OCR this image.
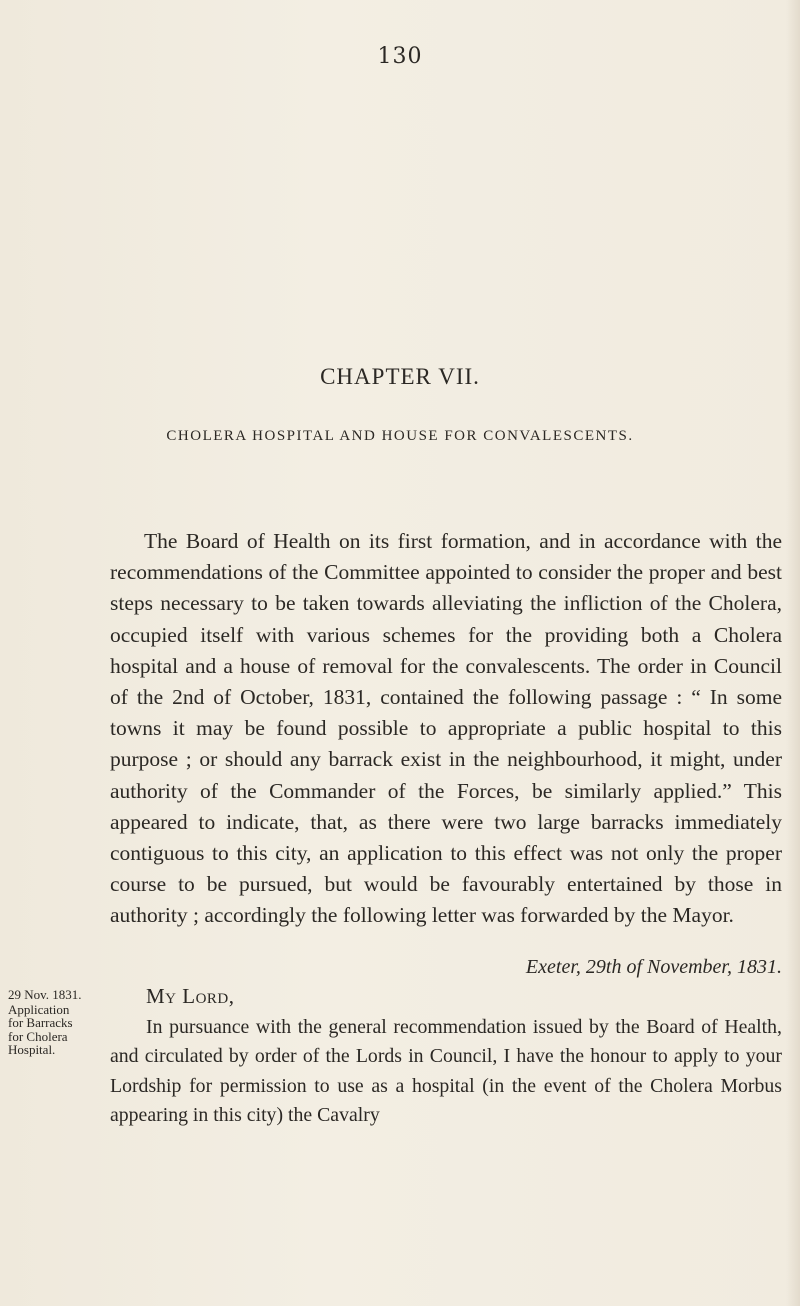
130
CHAPTER VII.
CHOLERA HOSPITAL AND HOUSE FOR CONVALESCENTS.

The Board of Health on its first formation, and in accordance with the recommendations of the Committee appointed to consider the proper and best steps necessary to be taken towards alleviating the infliction of the Cholera, occupied itself with various schemes for the providing both a Cholera hospital and a house of removal for the convalescents. The order in Council of the 2nd of October, 1831, contained the following passage : “ In some towns it may be found possible to appropriate a public hospital to this purpose ; or should any barrack exist in the neighbourhood, it might, under authority of the Commander of the Forces, be similarly applied.” This appeared to indicate, that, as there were two large barracks immediately contiguous to this city, an application to this effect was not only the proper course to be pursued, but would be favourably entertained by those in authority ; accordingly the following letter was forwarded by the Mayor.

29 Nov. 1831.
Application
for Barracks
for Cholera
Hospital.
Exeter, 29th of November, 1831.
My Lord,

In pursuance with the general recommendation issued by the Board of Health, and circulated by order of the Lords in Council, I have the honour to apply to your Lordship for permission to use as a hospital (in the event of the Cholera Morbus appearing in this city) the Cavalry
